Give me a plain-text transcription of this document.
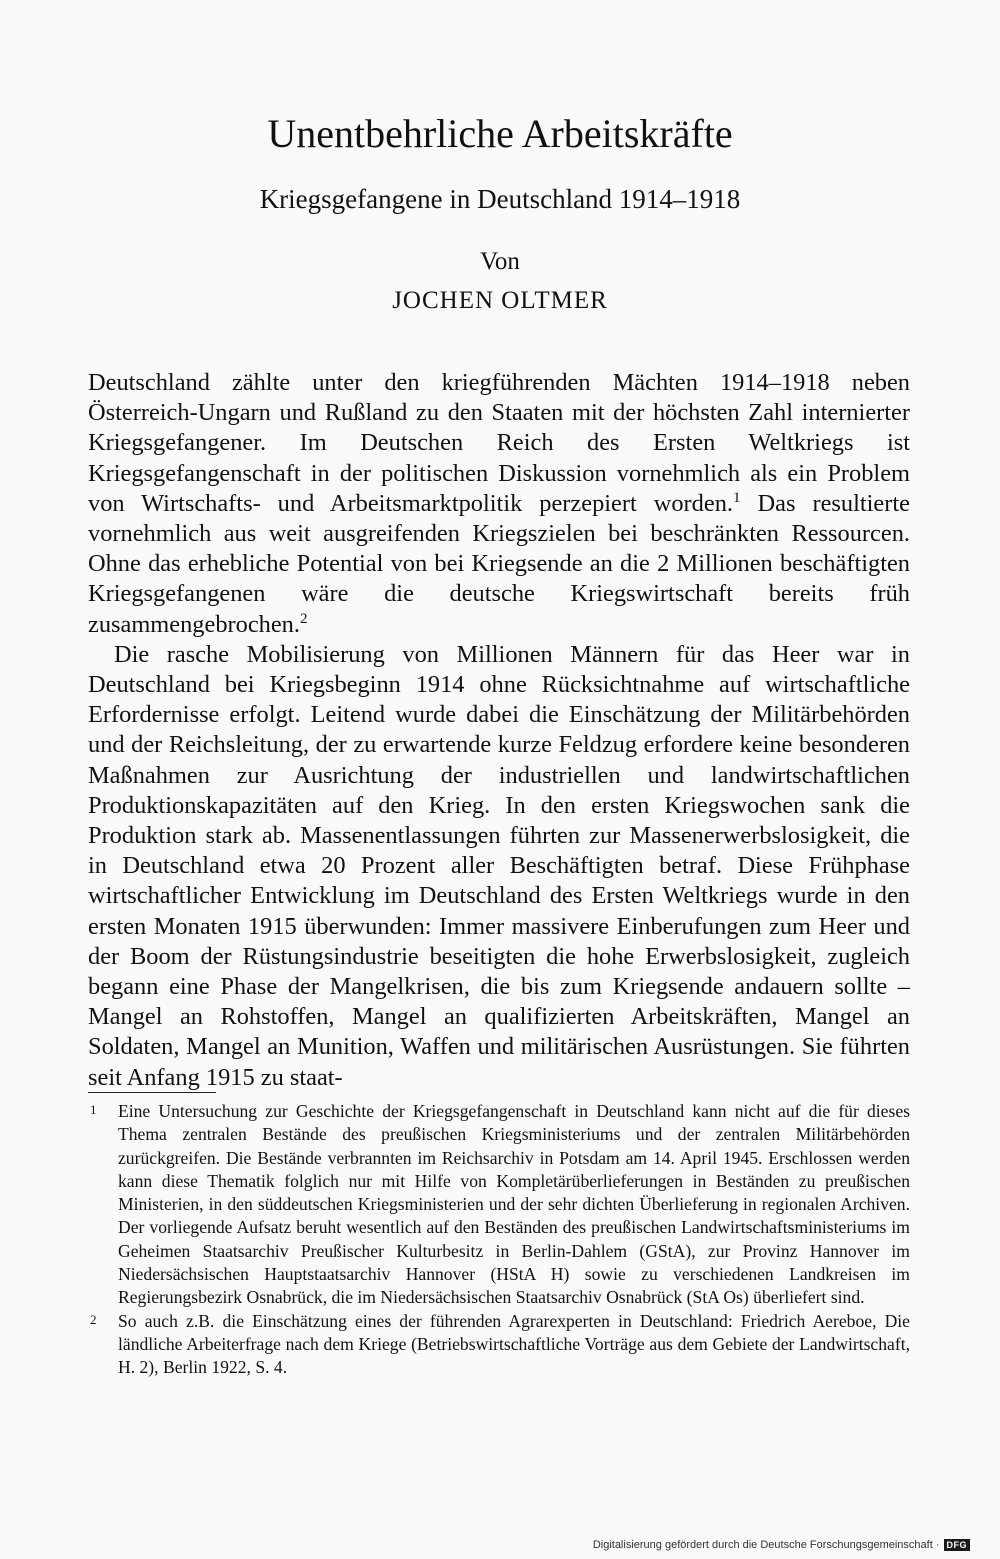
Unentbehrliche Arbeitskräfte
Kriegsgefangene in Deutschland 1914–1918
Von
JOCHEN OLTMER

Deutschland zählte unter den kriegführenden Mächten 1914–1918 neben Österreich-Ungarn und Rußland zu den Staaten mit der höchsten Zahl internierter Kriegsgefangener. Im Deutschen Reich des Ersten Weltkriegs ist Kriegsgefangenschaft in der politischen Diskussion vornehmlich als ein Problem von Wirtschafts- und Arbeitsmarktpolitik perzepiert worden.$^1$ Das resultierte vornehmlich aus weit ausgreifenden Kriegszielen bei beschränkten Ressourcen. Ohne das erhebliche Potential von bei Kriegsende an die 2 Millionen beschäftigten Kriegsgefangenen wäre die deutsche Kriegswirtschaft bereits früh zusammengebrochen.$^2$

Die rasche Mobilisierung von Millionen Männern für das Heer war in Deutschland bei Kriegsbeginn 1914 ohne Rücksichtnahme auf wirtschaftliche Erfordernisse erfolgt. Leitend wurde dabei die Einschätzung der Militärbehörden und der Reichsleitung, der zu erwartende kurze Feldzug erfordere keine besonderen Maßnahmen zur Ausrichtung der industriellen und landwirtschaftlichen Produktionskapazitäten auf den Krieg. In den ersten Kriegswochen sank die Produktion stark ab. Massenentlassungen führten zur Massenerwerbslosigkeit, die in Deutschland etwa 20 Prozent aller Beschäftigten betraf. Diese Frühphase wirtschaftlicher Entwicklung im Deutschland des Ersten Weltkriegs wurde in den ersten Monaten 1915 überwunden: Immer massivere Einberufungen zum Heer und der Boom der Rüstungsindustrie beseitigten die hohe Erwerbslosigkeit, zugleich begann eine Phase der Mangelkrisen, die bis zum Kriegsende andauern sollte – Mangel an Rohstoffen, Mangel an qualifizierten Arbeitskräften, Mangel an Soldaten, Mangel an Munition, Waffen und militärischen Ausrüstungen. Sie führten seit Anfang 1915 zu staat-

1	Eine Untersuchung zur Geschichte der Kriegsgefangenschaft in Deutschland kann nicht auf die für dieses Thema zentralen Bestände des preußischen Kriegsministeriums und der zentralen Militärbehörden zurückgreifen. Die Bestände verbrannten im Reichsarchiv in Potsdam am 14. April 1945. Erschlossen werden kann diese Thematik folglich nur mit Hilfe von Kompletärüberlieferungen in Beständen zu preußischen Ministerien, in den süddeutschen Kriegsministerien und der sehr dichten Überlieferung in regionalen Archiven. Der vorliegende Aufsatz beruht wesentlich auf den Beständen des preußischen Landwirtschaftsministeriums im Geheimen Staatsarchiv Preußischer Kulturbesitz in Berlin-Dahlem (GStA), zur Provinz Hannover im Niedersächsischen Hauptstaatsarchiv Hannover (HStA H) sowie zu verschiedenen Landkreisen im Regierungsbezirk Osnabrück, die im Niedersächsischen Staatsarchiv Osnabrück (StA Os) überliefert sind.
2	So auch z.B. die Einschätzung eines der führenden Agrarexperten in Deutschland: Friedrich Aereboe, Die ländliche Arbeiterfrage nach dem Kriege (Betriebswirtschaftliche Vorträge aus dem Gebiete der Landwirtschaft, H. 2), Berlin 1922, S. 4.
Digitalisierung gefördert durch die Deutsche Forschungsgemeinschaft · DFG
